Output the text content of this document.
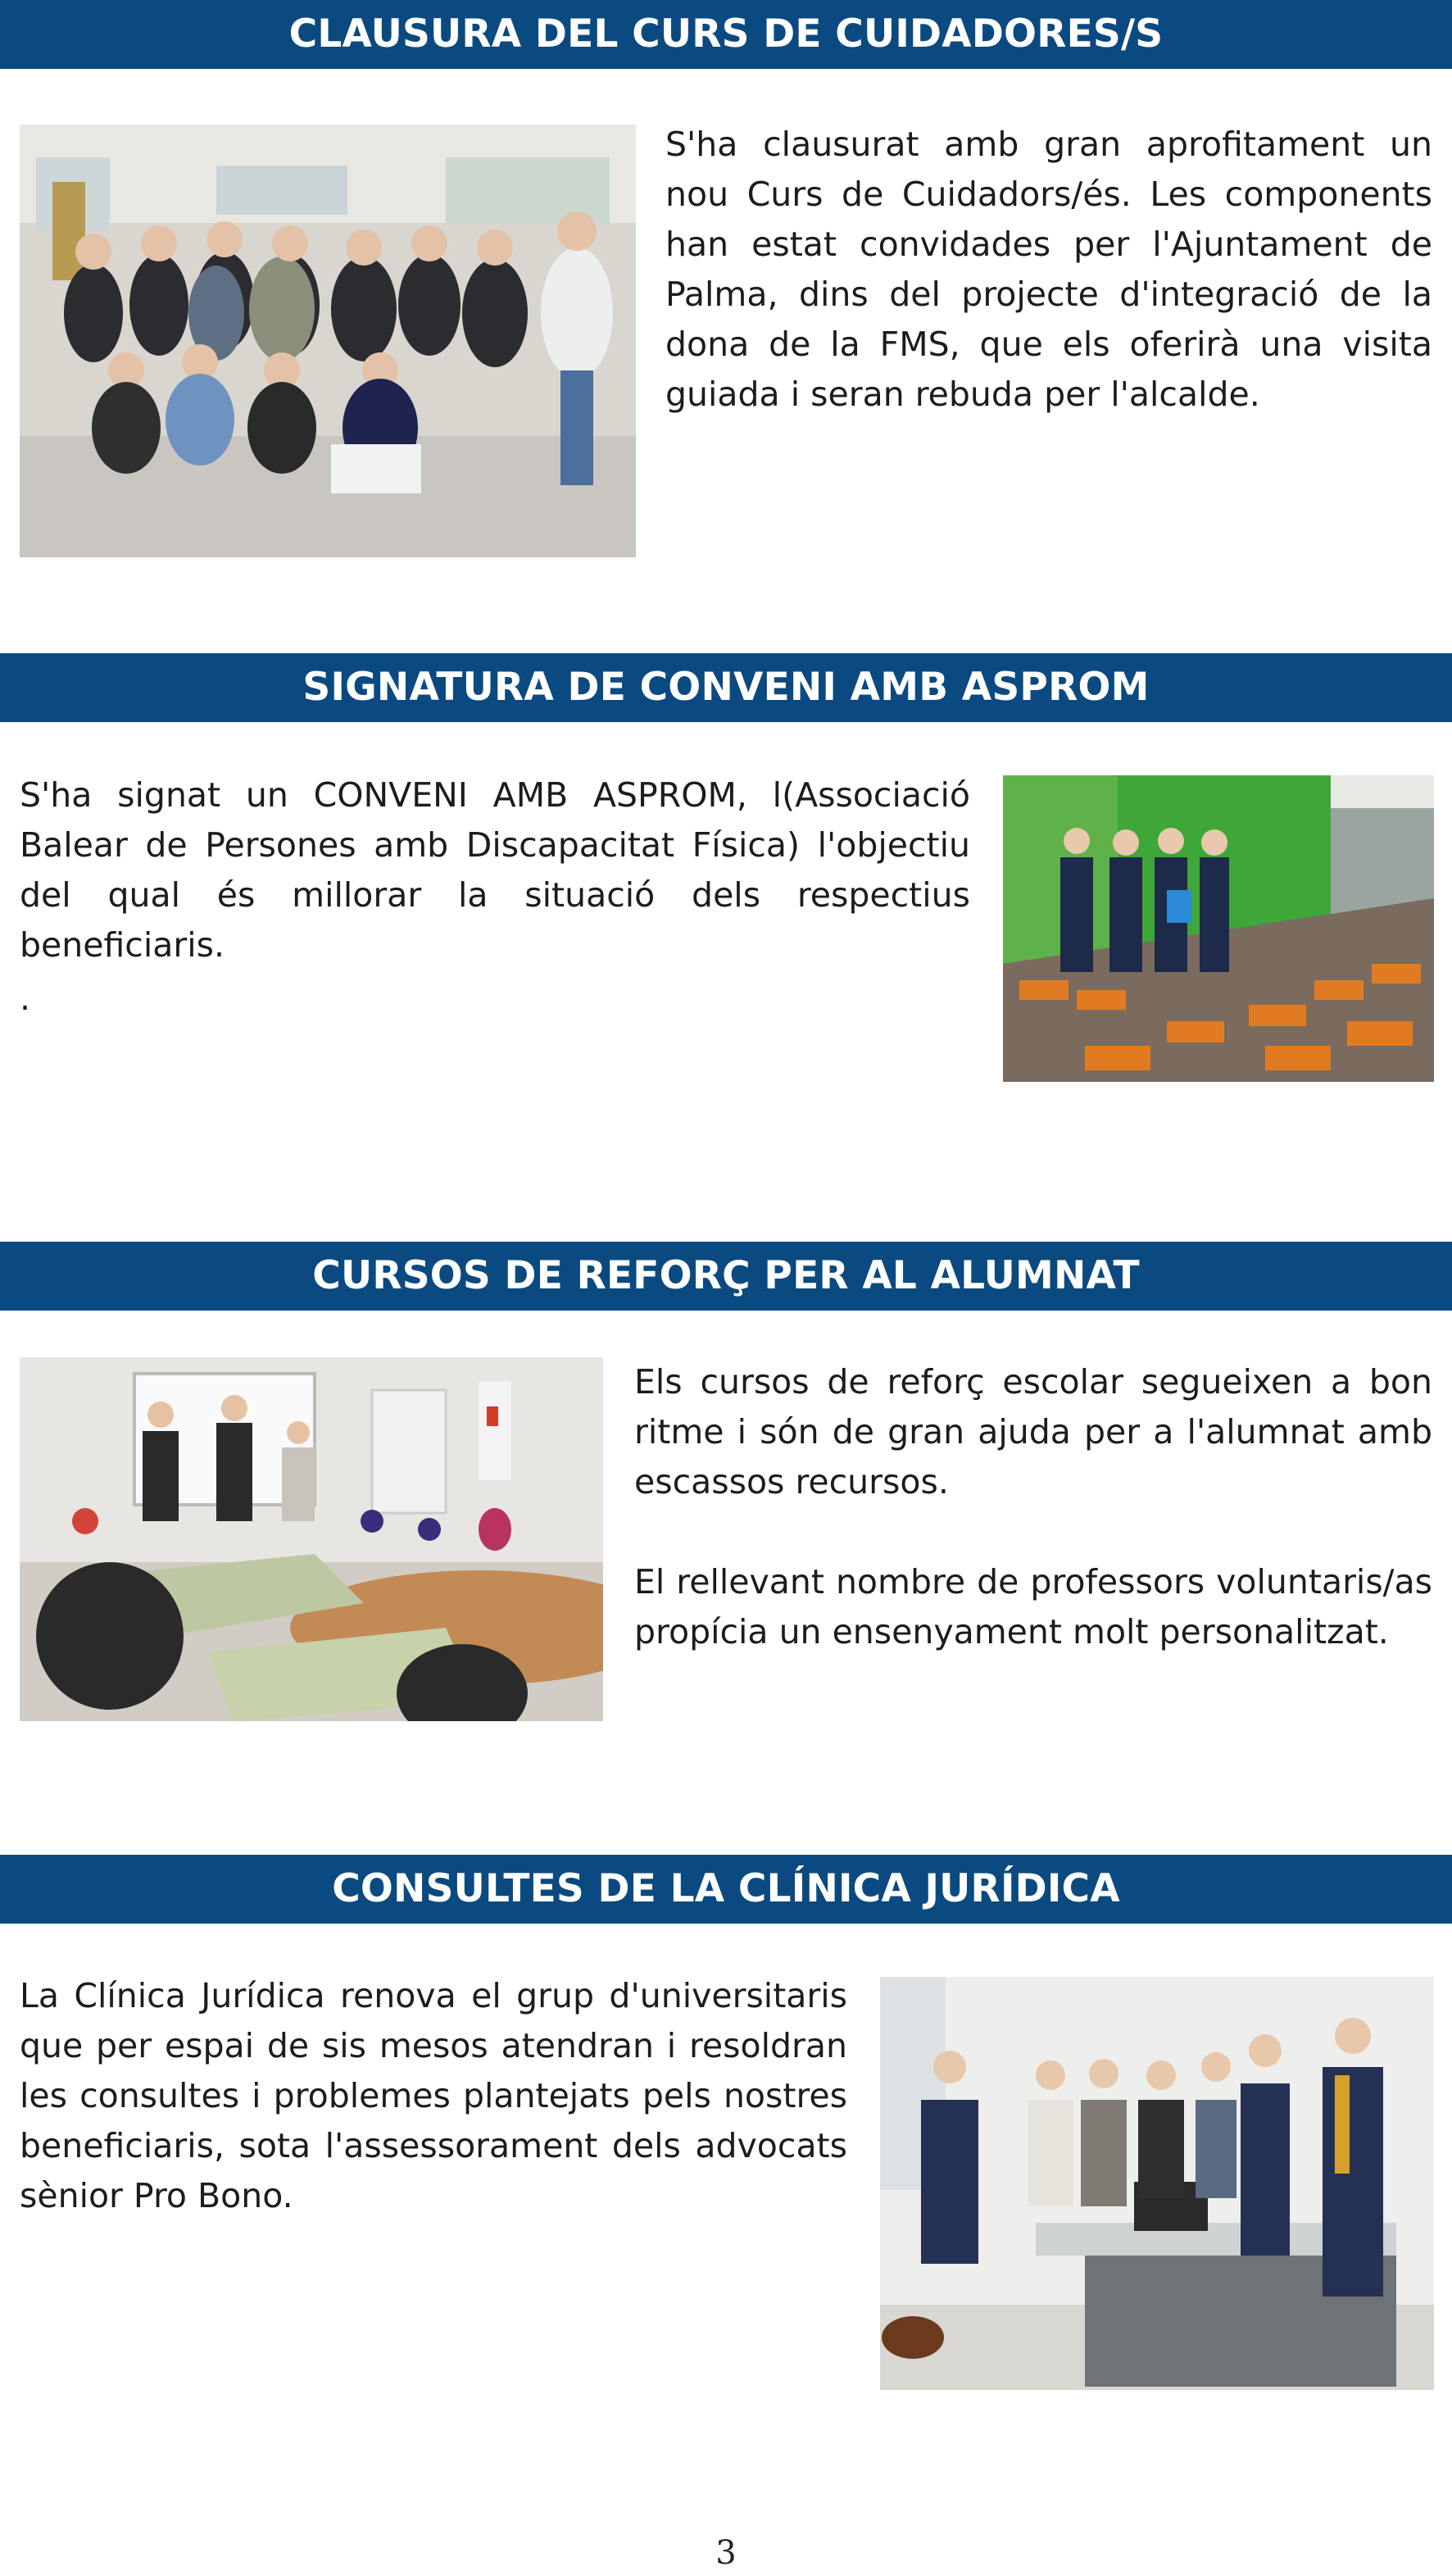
CLAUSURA DEL CURS DE CUIDADORES/S
S'ha clausurat amb gran aprofitament un nou Curs de Cuidadors/és. Les components han estat convidades per l'Ajuntament de Palma, dins del projecte d'integració de la dona de la FMS, que els oferirà una visita guiada i seran rebuda per l'alcalde.
SIGNATURA DE CONVENI AMB ASPROM
S'ha signat un CONVENI AMB ASPROM, l(Associació Balear de Persones amb Discapacitat Física) l'objectiu del qual és millorar la situació dels respectius beneficiaris.
.
CURSOS DE REFORÇ PER AL ALUMNAT
Els cursos de reforç escolar segueixen a bon ritme i són de gran ajuda per a l'alumnat amb escassos recursos.
El rellevant nombre de professors voluntaris/as propícia un ensenyament molt personalitzat.
CONSULTES DE LA CLÍNICA JURÍDICA
La Clínica Jurídica renova el grup d'universitaris que per espai de sis mesos atendran i resoldran les consultes i problemes plantejats pels nostres beneficiaris, sota l'assessorament dels advocats sènior Pro Bono.
3
